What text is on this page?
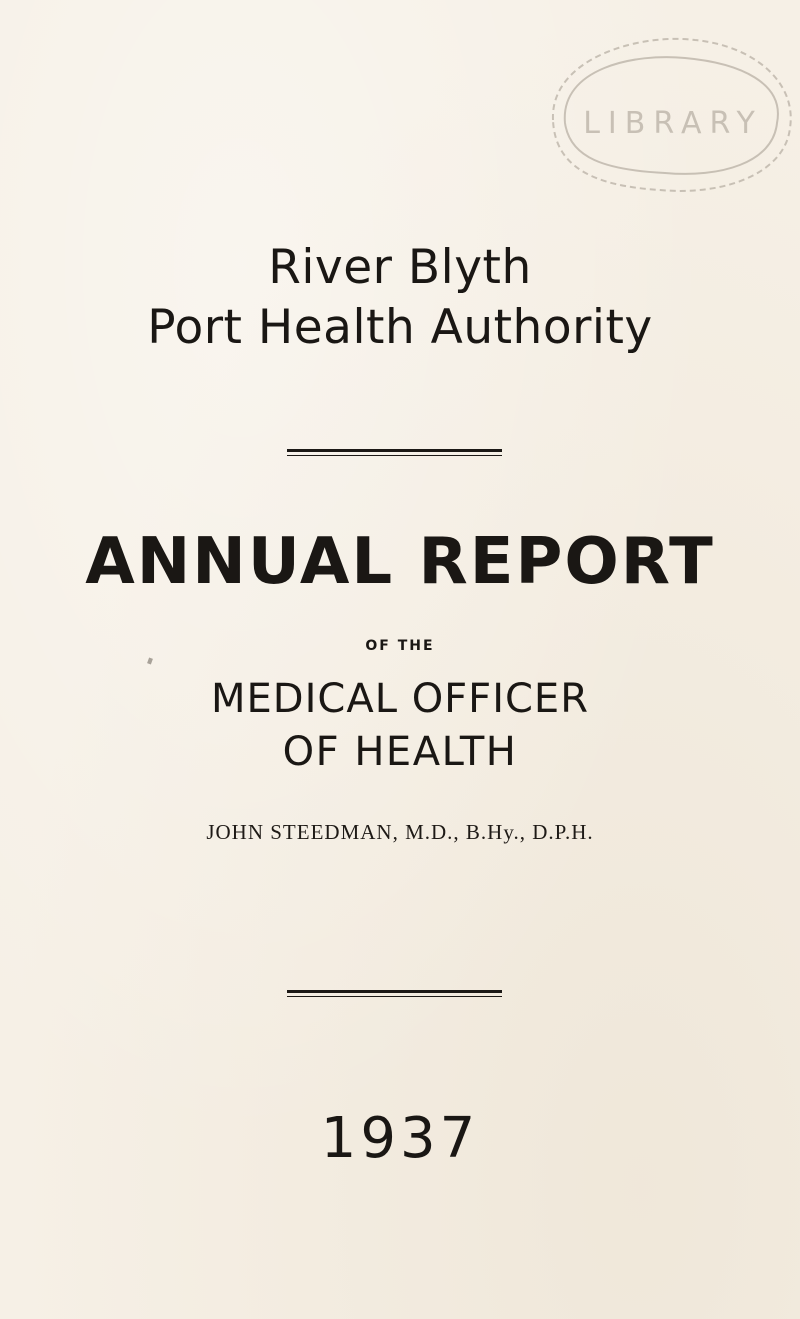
LIBRARY
River Blyth
Port Health Authority
ANNUAL REPORT
OF THE
MEDICAL OFFICER
OF HEALTH
JOHN STEEDMAN, M.D., B.Hy., D.P.H.
1937
